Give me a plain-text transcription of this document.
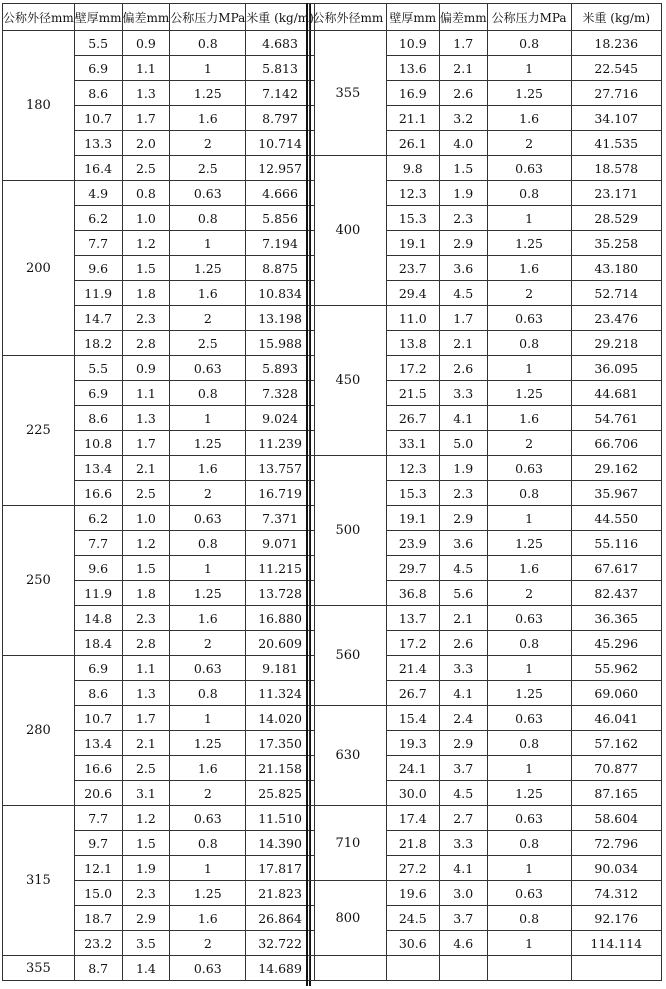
公称外径mm	壁厚mm	偏差mm	公称压力MPa	米重 (kg/m)
180	5.5	0.9	0.8	4.683
	6.9	1.1	1	5.813
	8.6	1.3	1.25	7.142
	10.7	1.7	1.6	8.797
	13.3	2.0	2	10.714
	16.4	2.5	2.5	12.957
200	4.9	0.8	0.63	4.666
	6.2	1.0	0.8	5.856
	7.7	1.2	1	7.194
	9.6	1.5	1.25	8.875
	11.9	1.8	1.6	10.834
	14.7	2.3	2	13.198
	18.2	2.8	2.5	15.988
225	5.5	0.9	0.63	5.893
	6.9	1.1	0.8	7.328
	8.6	1.3	1	9.024
	10.8	1.7	1.25	11.239
	13.4	2.1	1.6	13.757
	16.6	2.5	2	16.719
250	6.2	1.0	0.63	7.371
	7.7	1.2	0.8	9.071
	9.6	1.5	1	11.215
	11.9	1.8	1.25	13.728
	14.8	2.3	1.6	16.880
	18.4	2.8	2	20.609
280	6.9	1.1	0.63	9.181
	8.6	1.3	0.8	11.324
	10.7	1.7	1	14.020
	13.4	2.1	1.25	17.350
	16.6	2.5	1.6	21.158
	20.6	3.1	2	25.825
315	7.7	1.2	0.63	11.510
	9.7	1.5	0.8	14.390
	12.1	1.9	1	17.817
	15.0	2.3	1.25	21.823
	18.7	2.9	1.6	26.864
	23.2	3.5	2	32.722
355	8.7	1.4	0.63	14.689
公称外径mm	壁厚mm	偏差mm	公称压力MPa	米重 (kg/m)
355	10.9	1.7	0.8	18.236
	13.6	2.1	1	22.545
	16.9	2.6	1.25	27.716
	21.1	3.2	1.6	34.107
	26.1	4.0	2	41.535
400	9.8	1.5	0.63	18.578
	12.3	1.9	0.8	23.171
	15.3	2.3	1	28.529
	19.1	2.9	1.25	35.258
	23.7	3.6	1.6	43.180
	29.4	4.5	2	52.714
450	11.0	1.7	0.63	23.476
	13.8	2.1	0.8	29.218
	17.2	2.6	1	36.095
	21.5	3.3	1.25	44.681
	26.7	4.1	1.6	54.761
	33.1	5.0	2	66.706
500	12.3	1.9	0.63	29.162
	15.3	2.3	0.8	35.967
	19.1	2.9	1	44.550
	23.9	3.6	1.25	55.116
	29.7	4.5	1.6	67.617
	36.8	5.6	2	82.437
560	13.7	2.1	0.63	36.365
	17.2	2.6	0.8	45.296
	21.4	3.3	1	55.962
	26.7	4.1	1.25	69.060
630	15.4	2.4	0.63	46.041
	19.3	2.9	0.8	57.162
	24.1	3.7	1	70.877
	30.0	4.5	1.25	87.165
710	17.4	2.7	0.63	58.604
	21.8	3.3	0.8	72.796
	27.2	4.1	1	90.034
800	19.6	3.0	0.63	74.312
	24.5	3.7	0.8	92.176
	30.6	4.6	1	114.114
